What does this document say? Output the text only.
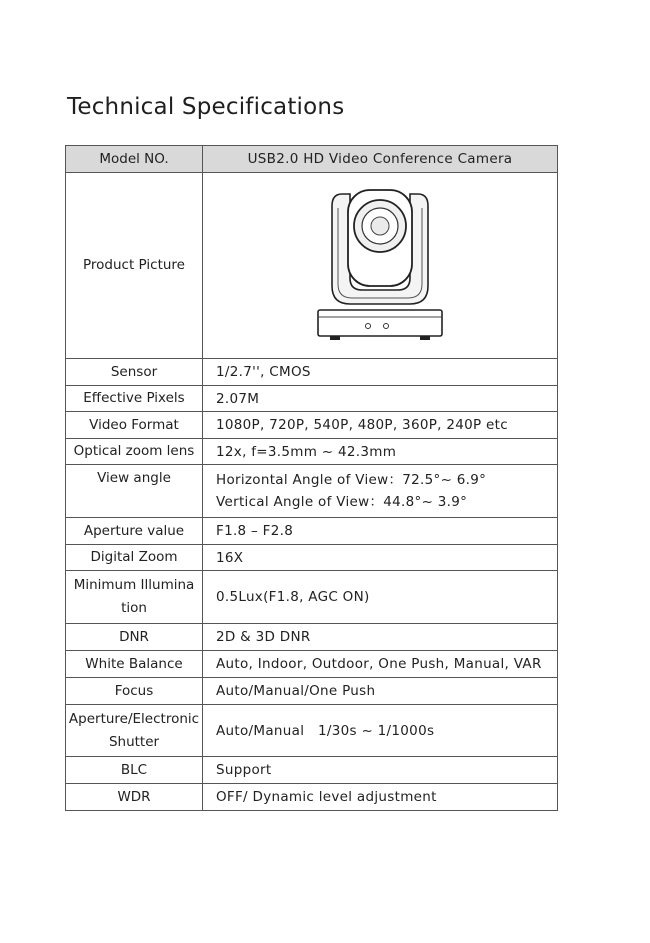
Technical Specifications
Model NO.	USB2.0 HD Video Conference Camera
Product Picture	

Sensor	1/2.7'', CMOS
Effective Pixels	2.07M
Video Format	1080P, 720P, 540P, 480P, 360P, 240P etc
Optical zoom lens	12x, f=3.5mm ~ 42.3mm
View angle	Horizontal Angle of View：72.5°~ 6.9°
Vertical Angle of View：44.8°~ 3.9°

Aperture value	F1.8 – F2.8
Digital Zoom	16X

Minimum Illumina
tion	0.5Lux(F1.8, AGC ON)
DNR	2D & 3D DNR
White Balance	Auto, Indoor, Outdoor, One Push, Manual, VAR
Focus	Auto/Manual/One Push

Aperture/Electronic
Shutter	Auto/Manual   1/30s ~ 1/1000s
BLC	Support
WDR	OFF/ Dynamic level adjustment
